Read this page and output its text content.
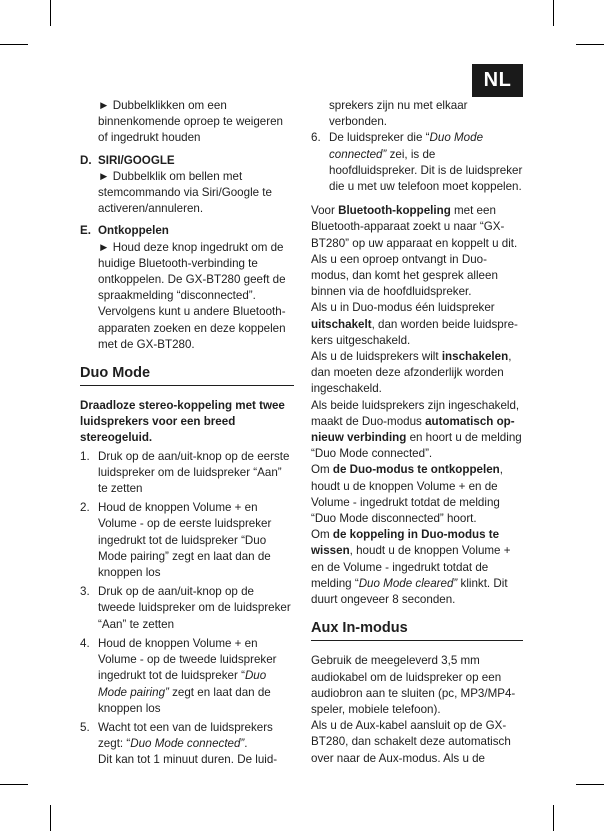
NL

► Dubbelklikken om een binnenkomende oproep te weigeren of ingedrukt houden

D. SIRI/GOOGLE

► Dubbelklik om bellen met stemcommando via Siri/Google te activeren/annuleren.

E. Ontkoppelen

► Houd deze knop ingedrukt om de huidige Bluetooth-verbinding te ontkoppelen. De GX-BT280 geeft de spraakmelding “disconnected”. Vervolgens kunt u andere Bluetooth-apparaten zoeken en deze koppelen met de GX-BT280.

Duo Mode

Draadloze stereo-koppeling met twee luidsprekers voor een breed stereogeluid.

1. Druk op de aan/uit-knop op de eerste luidspreker om de luidspreker “Aan” te zetten
2. Houd de knoppen Volume + en Volume - op de eerste luidspreker ingedrukt tot de luidspreker “Duo Mode pairing” zegt en laat dan de knoppen los
3. Druk op de aan/uit-knop op de tweede luidspreker om de luidspreker “Aan” te zetten
4. Houd de knoppen Volume + en Volume - op de tweede luidspreker ingedrukt tot de luidspreker “Duo Mode pairing” zegt en laat dan de knoppen los
5. Wacht tot een van de luidsprekers zegt: “Duo Mode connected”.
Dit kan tot 1 minuut duren. De luid-

sprekers zijn nu met elkaar verbonden.

6. De luidspreker die “Duo Mode connected” zei, is de hoofdluidspreker. Dit is de luidspreker die u met uw telefoon moet koppelen.

Voor Bluetooth-koppeling met een Bluetooth-apparaat zoekt u naar “GX-BT280” op uw apparaat en koppelt u dit.

Als u een oproep ontvangt in Duo-modus, dan komt het gesprek alleen binnen via de hoofdluidspreker.

Als u in Duo-modus één luidspreker uitschakelt, dan worden beide luidsprekers uitgeschakeld.

Als u de luidsprekers wilt inschakelen, dan moeten deze afzonderlijk worden ingeschakeld.

Als beide luidsprekers zijn ingeschakeld, maakt de Duo-modus automatisch opnieuw verbinding en hoort u de melding “Duo Mode connected”.

Om de Duo-modus te ontkoppelen, houdt u de knoppen Volume + en de Volume - ingedrukt totdat de melding “Duo Mode disconnected” hoort.

Om de koppeling in Duo-modus te wissen, houdt u de knoppen Volume + en de Volume - ingedrukt totdat de melding “Duo Mode cleared” klinkt. Dit duurt ongeveer 8 seconden.

Aux In-modus

Gebruik de meegeleverd 3,5 mm audiokabel om de luidspreker op een audiobron aan te sluiten (pc, MP3/MP4-speler, mobiele telefoon).

Als u de Aux-kabel aansluit op de GX-BT280, dan schakelt deze automatisch over naar de Aux-modus. Als u de
